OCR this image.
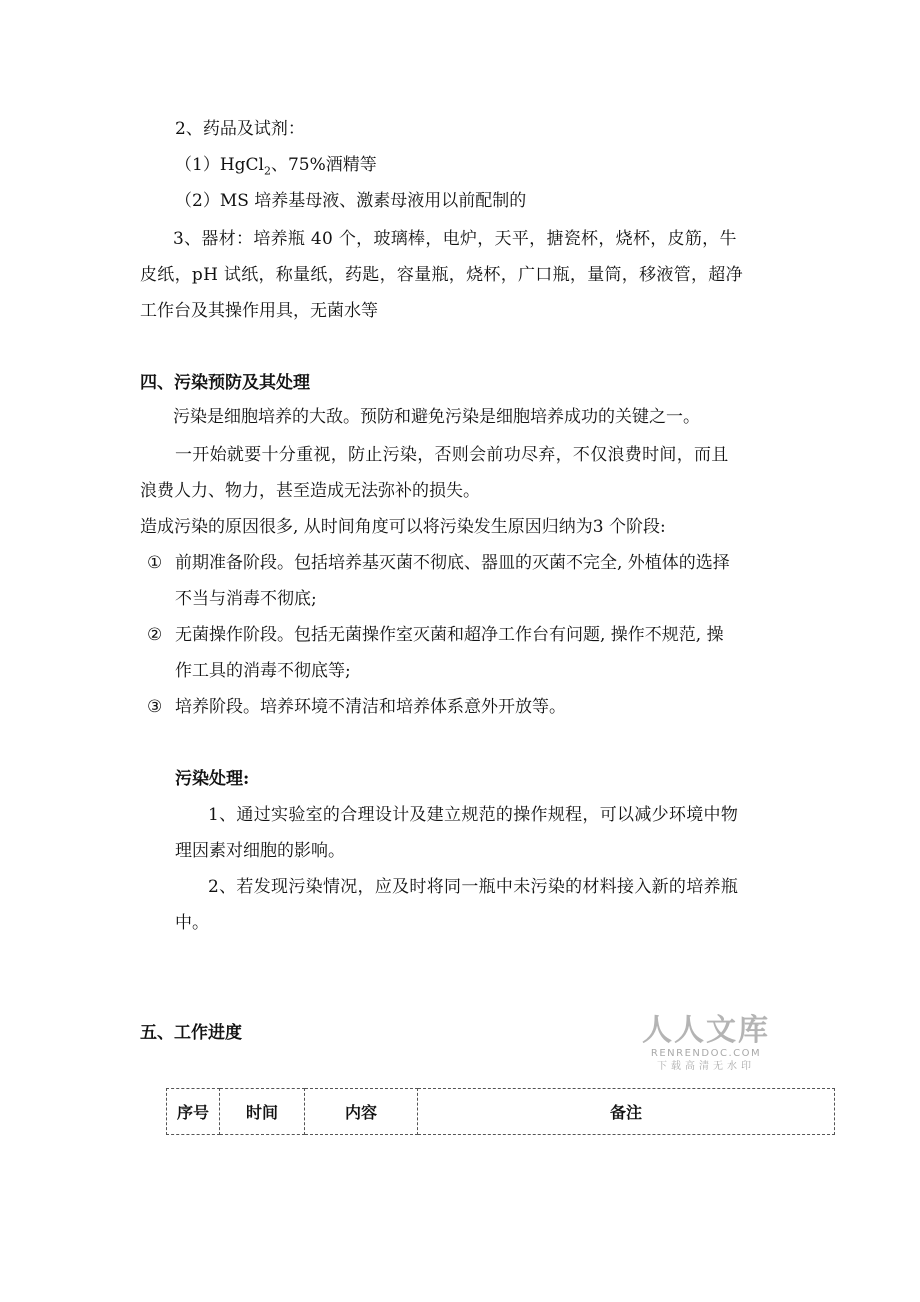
2、药品及试剂：
（1）HgCl$_2$、75%酒精等
（2）MS 培养基母液、激素母液用以前配制的
3、器材：培养瓶 40 个，玻璃棒，电炉，天平，搪瓷杯，烧杯，皮筋，牛
皮纸，pH 试纸，称量纸，药匙，容量瓶，烧杯，广口瓶，量筒，移液管，超净
工作台及其操作用具，无菌水等
四、污染预防及其处理
污染是细胞培养的大敌。预防和避免污染是细胞培养成功的关键之一。
一开始就要十分重视，防止污染，否则会前功尽弃，不仅浪费时间，而且
浪费人力、物力，甚至造成无法弥补的损失。
造成污染的原因很多, 从时间角度可以将污染发生原因归纳为3 个阶段:
① 前期准备阶段。包括培养基灭菌不彻底、器皿的灭菌不完全, 外植体的选择
不当与消毒不彻底;
② 无菌操作阶段。包括无菌操作室灭菌和超净工作台有问题, 操作不规范, 操
作工具的消毒不彻底等;
③ 培养阶段。培养环境不清洁和培养体系意外开放等。
污染处理:
1、通过实验室的合理设计及建立规范的操作规程，可以减少环境中物
理因素对细胞的影响。
2、若发现污染情况，应及时将同一瓶中未污染的材料接入新的培养瓶
中。
五、工作进度	人人文库
RENRENDOC.COM
下载高清无水印
序号	时间	内容	备注
